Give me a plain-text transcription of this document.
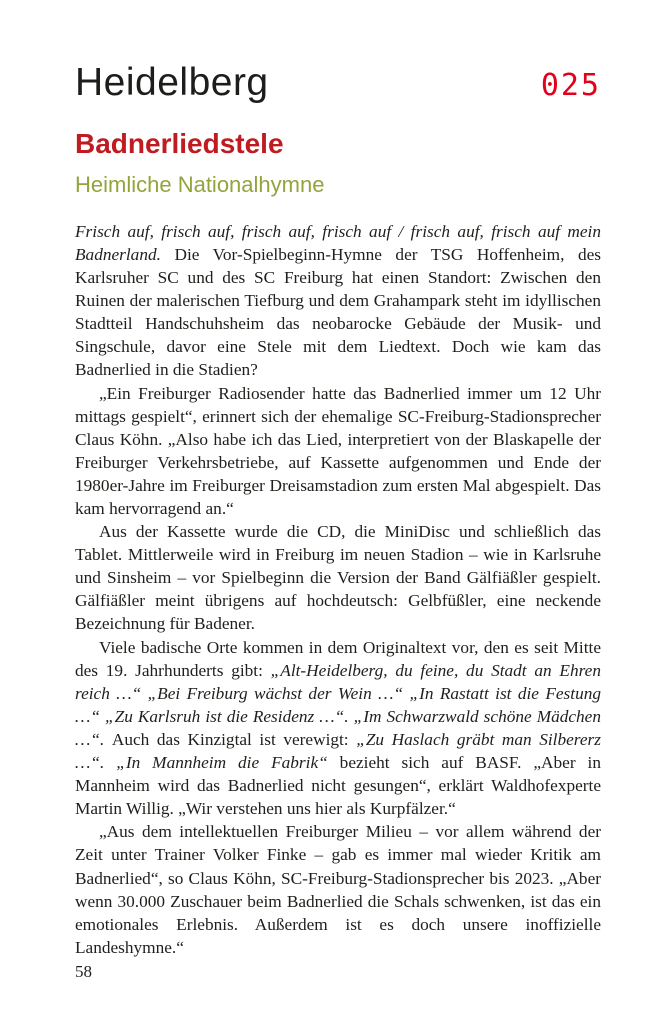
Heidelberg	025
Badnerliedstele
Heimliche Nationalhymne

Frisch auf, frisch auf, frisch auf, frisch auf / frisch auf, frisch auf mein Badnerland. Die Vor-Spielbeginn-Hymne der TSG Hoffenheim, des Karlsruher SC und des SC Freiburg hat einen Standort: Zwischen den Ruinen der malerischen Tiefburg und dem Grahampark steht im idyllischen Stadtteil Handschuhsheim das neobarocke Gebäude der Musik- und Singschule, davor eine Stele mit dem Liedtext. Doch wie kam das Badnerlied in die Stadien?

„Ein Freiburger Radiosender hatte das Badnerlied immer um 12 Uhr mittags gespielt“, erinnert sich der ehemalige SC-Freiburg-Stadionsprecher Claus Köhn. „Also habe ich das Lied, interpretiert von der Blaskapelle der Freiburger Verkehrsbetriebe, auf Kassette aufgenommen und Ende der 1980er-Jahre im Freiburger Dreisamstadion zum ersten Mal abgespielt. Das kam hervorragend an.“

Aus der Kassette wurde die CD, die MiniDisc und schließlich das Tablet. Mittlerweile wird in Freiburg im neuen Stadion – wie in Karlsruhe und Sinsheim – vor Spielbeginn die Version der Band Gälfiäßler gespielt. Gälfiäßler meint übrigens auf hochdeutsch: Gelbfüßler, eine neckende Bezeichnung für Badener.

Viele badische Orte kommen in dem Originaltext vor, den es seit Mitte des 19. Jahrhunderts gibt: „Alt-Heidelberg, du feine, du Stadt an Ehren reich …“ „Bei Freiburg wächst der Wein …“ „In Rastatt ist die Festung …“ „Zu Karlsruh ist die Residenz …“. „Im Schwarzwald schöne Mädchen …“. Auch das Kinzigtal ist verewigt: „Zu Haslach gräbt man Silbererz …“. „In Mannheim die Fabrik“ bezieht sich auf BASF. „Aber in Mannheim wird das Badnerlied nicht gesungen“, erklärt Waldhofexperte Martin Willig. „Wir verstehen uns hier als Kurpfälzer.“

„Aus dem intellektuellen Freiburger Milieu – vor allem während der Zeit unter Trainer Volker Finke – gab es immer mal wieder Kritik am Badnerlied“, so Claus Köhn, SC-Freiburg-Stadionsprecher bis 2023. „Aber wenn 30.000 Zuschauer beim Badnerlied die Schals schwenken, ist das ein emotionales Erlebnis. Außerdem ist es doch unsere inoffizielle Landeshymne.“

58
